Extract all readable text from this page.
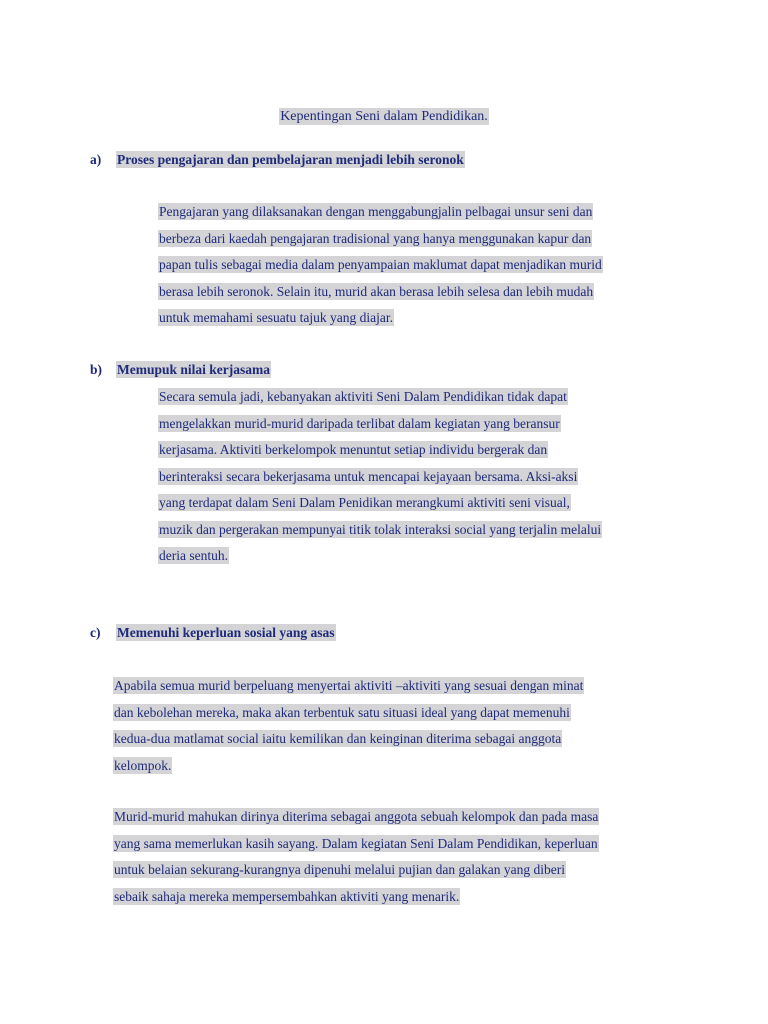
Kepentingan Seni dalam Pendidikan.
a) Proses pengajaran dan pembelajaran menjadi lebih seronok
Pengajaran yang dilaksanakan dengan menggabungjalin pelbagai unsur seni dan
berbeza dari kaedah pengajaran tradisional yang hanya menggunakan kapur dan
papan tulis sebagai media dalam penyampaian maklumat dapat menjadikan murid
berasa lebih seronok. Selain itu, murid akan berasa lebih selesa dan lebih mudah
untuk memahami sesuatu tajuk yang diajar.
b) Memupuk nilai kerjasama
Secara semula jadi, kebanyakan aktiviti Seni Dalam Pendidikan tidak dapat
mengelakkan murid-murid daripada terlibat dalam kegiatan yang beransur
kerjasama. Aktiviti berkelompok menuntut setiap individu bergerak dan
berinteraksi secara bekerjasama untuk mencapai kejayaan bersama. Aksi-aksi
yang terdapat dalam Seni Dalam Penidikan merangkumi aktiviti seni visual,
muzik dan pergerakan mempunyai titik tolak interaksi social yang terjalin melalui
deria sentuh.
c) Memenuhi keperluan sosial yang asas
Apabila semua murid berpeluang menyertai aktiviti –aktiviti yang sesuai dengan minat
dan kebolehan mereka, maka akan terbentuk satu situasi ideal yang dapat memenuhi
kedua-dua matlamat social iaitu kemilikan dan keinginan diterima sebagai anggota
kelompok.
Murid-murid mahukan dirinya diterima sebagai anggota sebuah kelompok dan pada masa
yang sama memerlukan kasih sayang. Dalam kegiatan Seni Dalam Pendidikan, keperluan
untuk belaian sekurang-kurangnya dipenuhi melalui pujian dan galakan yang diberi
sebaik sahaja mereka mempersembahkan aktiviti yang menarik.
